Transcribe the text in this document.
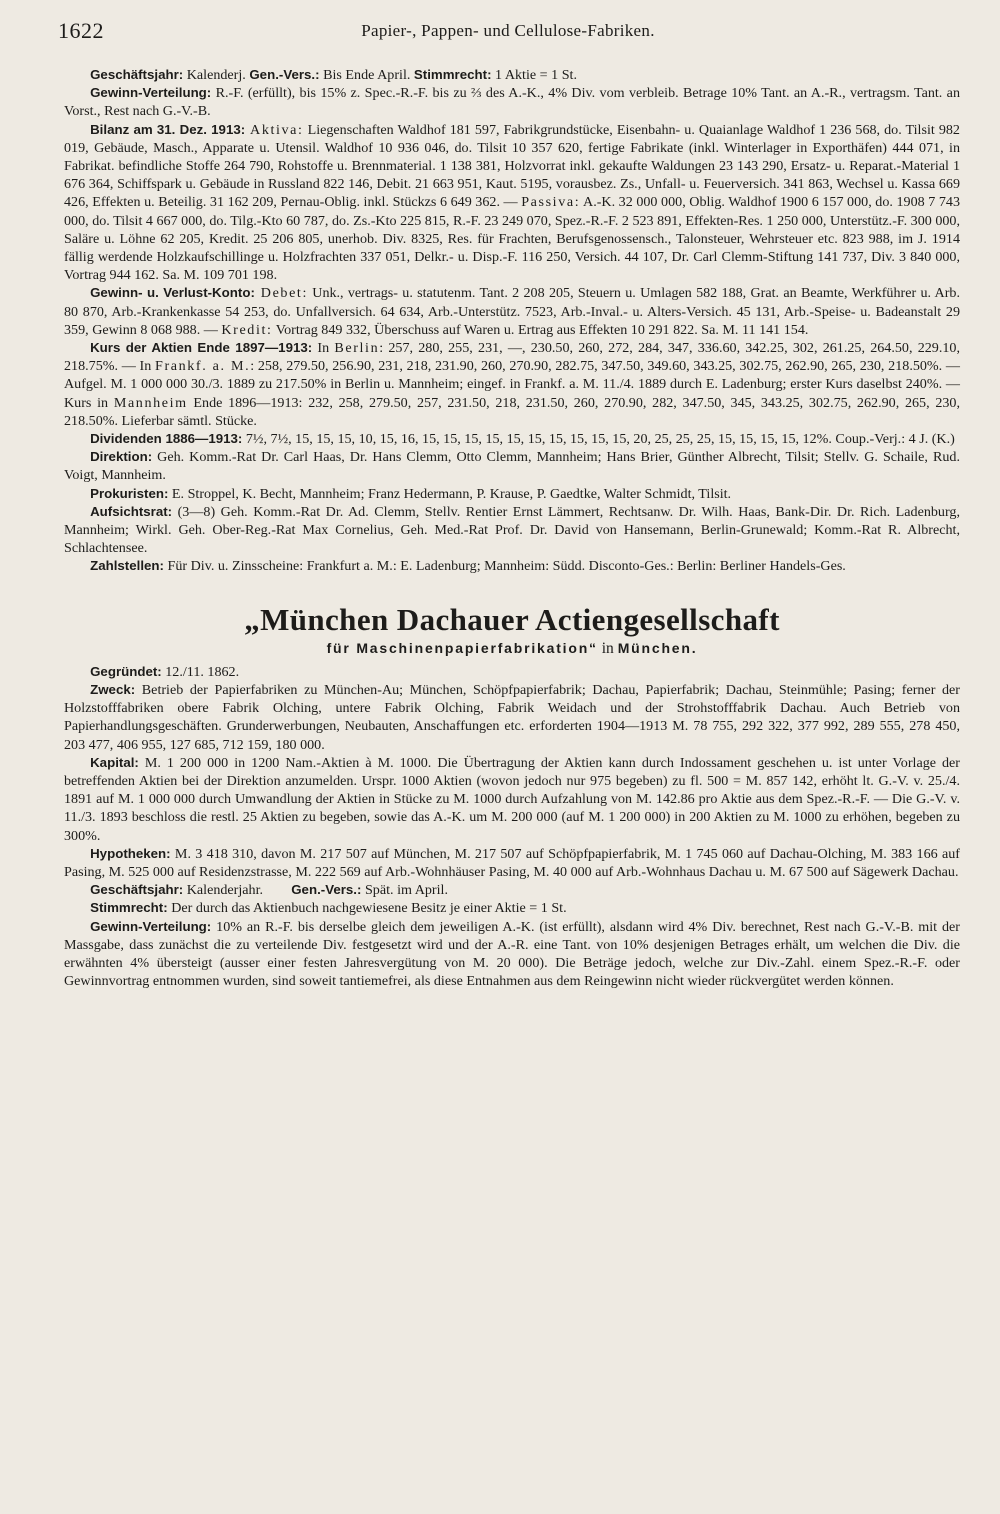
1622	Papier-, Pappen- und Cellulose-Fabriken.

Geschäftsjahr: Kalenderj. Gen.-Vers.: Bis Ende April. Stimmrecht: 1 Aktie = 1 St.

Gewinn-Verteilung: R.-F. (erfüllt), bis 15% z. Spec.-R.-F. bis zu ⅔ des A.-K., 4% Div. vom verbleib. Betrage 10% Tant. an A.-R., vertragsm. Tant. an Vorst., Rest nach G.-V.-B.

Bilanz am 31. Dez. 1913: Aktiva: Liegenschaften Waldhof 181 597, Fabrikgrundstücke, Eisenbahn- u. Quaianlage Waldhof 1 236 568, do. Tilsit 982 019, Gebäude, Masch., Apparate u. Utensil. Waldhof 10 936 046, do. Tilsit 10 357 620, fertige Fabrikate (inkl. Winterlager in Exporthäfen) 444 071, in Fabrikat. befindliche Stoffe 264 790, Rohstoffe u. Brennmaterial. 1 138 381, Holzvorrat inkl. gekaufte Waldungen 23 143 290, Ersatz- u. Reparat.-Material 1 676 364, Schiffspark u. Gebäude in Russland 822 146, Debit. 21 663 951, Kaut. 5195, vorausbez. Zs., Unfall- u. Feuerversich. 341 863, Wechsel u. Kassa 669 426, Effekten u. Beteilig. 31 162 209, Pernau-Oblig. inkl. Stückzs 6 649 362. — Passiva: A.-K. 32 000 000, Oblig. Waldhof 1900 6 157 000, do. 1908 7 743 000, do. Tilsit 4 667 000, do. Tilg.-Kto 60 787, do. Zs.-Kto 225 815, R.-F. 23 249 070, Spez.-R.-F. 2 523 891, Effekten-Res. 1 250 000, Unterstütz.-F. 300 000, Saläre u. Löhne 62 205, Kredit. 25 206 805, unerhob. Div. 8325, Res. für Frachten, Berufsgenossensch., Talonsteuer, Wehrsteuer etc. 823 988, im J. 1914 fällig werdende Holzkaufschillinge u. Holzfrachten 337 051, Delkr.- u. Disp.-F. 116 250, Versich. 44 107, Dr. Carl Clemm-Stiftung 141 737, Div. 3 840 000, Vortrag 944 162. Sa. M. 109 701 198.

Gewinn- u. Verlust-Konto: Debet: Unk., vertrags- u. statutenm. Tant. 2 208 205, Steuern u. Umlagen 582 188, Grat. an Beamte, Werkführer u. Arb. 80 870, Arb.-Krankenkasse 54 253, do. Unfallversich. 64 634, Arb.-Unterstütz. 7523, Arb.-Inval.- u. Alters-Versich. 45 131, Arb.-Speise- u. Badeanstalt 29 359, Gewinn 8 068 988. — Kredit: Vortrag 849 332, Überschuss auf Waren u. Ertrag aus Effekten 10 291 822. Sa. M. 11 141 154.

Kurs der Aktien Ende 1897—1913: In Berlin: 257, 280, 255, 231, —, 230.50, 260, 272, 284, 347, 336.60, 342.25, 302, 261.25, 264.50, 229.10, 218.75%. — In Frankf. a. M.: 258, 279.50, 256.90, 231, 218, 231.90, 260, 270.90, 282.75, 347.50, 349.60, 343.25, 302.75, 262.90, 265, 230, 218.50%. — Aufgel. M. 1 000 000 30./3. 1889 zu 217.50% in Berlin u. Mannheim; eingef. in Frankf. a. M. 11./4. 1889 durch E. Ladenburg; erster Kurs daselbst 240%. — Kurs in Mannheim Ende 1896—1913: 232, 258, 279.50, 257, 231.50, 218, 231.50, 260, 270.90, 282, 347.50, 345, 343.25, 302.75, 262.90, 265, 230, 218.50%. Lieferbar sämtl. Stücke.

Dividenden 1886—1913: 7½, 7½, 15, 15, 15, 10, 15, 16, 15, 15, 15, 15, 15, 15, 15, 15, 15, 15, 20, 25, 25, 25, 15, 15, 15, 15, 12%. Coup.-Verj.: 4 J. (K.)

Direktion: Geh. Komm.-Rat Dr. Carl Haas, Dr. Hans Clemm, Otto Clemm, Mannheim; Hans Brier, Günther Albrecht, Tilsit; Stellv. G. Schaile, Rud. Voigt, Mannheim.

Prokuristen: E. Stroppel, K. Becht, Mannheim; Franz Hedermann, P. Krause, P. Gaedtke, Walter Schmidt, Tilsit.

Aufsichtsrat: (3—8) Geh. Komm.-Rat Dr. Ad. Clemm, Stellv. Rentier Ernst Lämmert, Rechtsanw. Dr. Wilh. Haas, Bank-Dir. Dr. Rich. Ladenburg, Mannheim; Wirkl. Geh. Ober-Reg.-Rat Max Cornelius, Geh. Med.-Rat Prof. Dr. David von Hansemann, Berlin-Grunewald; Komm.-Rat R. Albrecht, Schlachtensee.

Zahlstellen: Für Div. u. Zinsscheine: Frankfurt a. M.: E. Ladenburg; Mannheim: Südd. Disconto-Ges.: Berlin: Berliner Handels-Ges.

„München Dachauer Actiengesellschaft
für Maschinenpapierfabrikation“ in München.

Gegründet: 12./11. 1862.

Zweck: Betrieb der Papierfabriken zu München-Au; München, Schöpfpapierfabrik; Dachau, Papierfabrik; Dachau, Steinmühle; Pasing; ferner der Holzstofffabriken obere Fabrik Olching, untere Fabrik Olching, Fabrik Weidach und der Strohstofffabrik Dachau. Auch Betrieb von Papierhandlungsgeschäften. Grunderwerbungen, Neubauten, Anschaffungen etc. erforderten 1904—1913 M. 78 755, 292 322, 377 992, 289 555, 278 450, 203 477, 406 955, 127 685, 712 159, 180 000.

Kapital: M. 1 200 000 in 1200 Nam.-Aktien à M. 1000. Die Übertragung der Aktien kann durch Indossament geschehen u. ist unter Vorlage der betreffenden Aktien bei der Direktion anzumelden. Urspr. 1000 Aktien (wovon jedoch nur 975 begeben) zu fl. 500 = M. 857 142, erhöht lt. G.-V. v. 25./4. 1891 auf M. 1 000 000 durch Umwandlung der Aktien in Stücke zu M. 1000 durch Aufzahlung von M. 142.86 pro Aktie aus dem Spez.-R.-F. — Die G.-V. v. 11./3. 1893 beschloss die restl. 25 Aktien zu begeben, sowie das A.-K. um M. 200 000 (auf M. 1 200 000) in 200 Aktien zu M. 1000 zu erhöhen, begeben zu 300%.

Hypotheken: M. 3 418 310, davon M. 217 507 auf München, M. 217 507 auf Schöpfpapierfabrik, M. 1 745 060 auf Dachau-Olching, M. 383 166 auf Pasing, M. 525 000 auf Residenzstrasse, M. 222 569 auf Arb.-Wohnhäuser Pasing, M. 40 000 auf Arb.-Wohnhaus Dachau u. M. 67 500 auf Sägewerk Dachau.

Geschäftsjahr: Kalenderjahr.        Gen.-Vers.: Spät. im April.

Stimmrecht: Der durch das Aktienbuch nachgewiesene Besitz je einer Aktie = 1 St.

Gewinn-Verteilung: 10% an R.-F. bis derselbe gleich dem jeweiligen A.-K. (ist erfüllt), alsdann wird 4% Div. berechnet, Rest nach G.-V.-B. mit der Massgabe, dass zunächst die zu verteilende Div. festgesetzt wird und der A.-R. eine Tant. von 10% desjenigen Betrages erhält, um welchen die Div. die erwähnten 4% übersteigt (ausser einer festen Jahresvergütung von M. 20 000). Die Beträge jedoch, welche zur Div.-Zahl. einem Spez.-R.-F. oder Gewinnvortrag entnommen wurden, sind soweit tantiemefrei, als diese Entnahmen aus dem Reingewinn nicht wieder rückvergütet werden können.
